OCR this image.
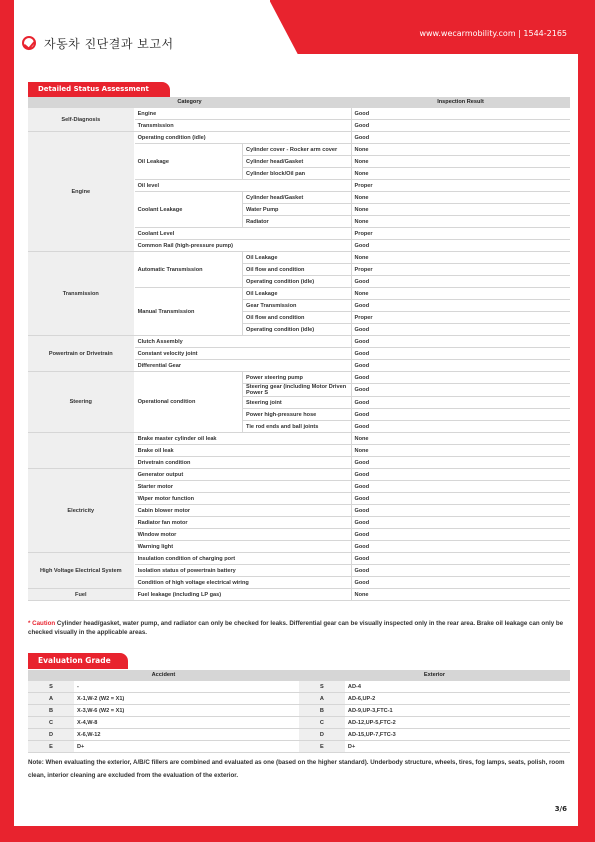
자동차 진단결과 보고서
www.wecarmobility.com | 1544-2165
Detailed Status Assessment
Category			Inspection Result
Self-Diagnosis	Engine		Good
	Transmission		Good
Engine	Operating condition (idle)		Good
	Oil Leakage	Cylinder cover - Rocker arm cover	None
		Cylinder head/Gasket	None
		Cylinder block/Oil pan	None
	Oil level		Proper
	Coolant Leakage	Cylinder head/Gasket	None
		Water Pump	None
		Radiator	None
	Coolant Level		Proper
	Common Rail (high-pressure pump)		Good
Transmission	Automatic Transmission	Oil Leakage	None
		Oil flow and condition	Proper
		Operating condition (idle)	Good
	Manual Transmission	Oil Leakage	None
		Gear Transmission	Good
		Oil flow and condition	Proper
		Operating condition (idle)	Good
Powertrain or Drivetrain	Clutch Assembly		Good
	Constant velocity joint		Good
	Differential Gear		Good
Steering	Operational condition	Power steering pump	Good
		Steering gear (including Motor Driven Power S	Good
		Steering joint	Good
		Power high-pressure hose	Good
		Tie rod ends and ball joints	Good
	Brake master cylinder oil leak		None
	Brake oil leak		None
	Drivetrain condition		Good
Electricity	Generator output		Good
	Starter motor		Good
	Wiper motor function		Good
	Cabin blower motor		Good
	Radiator fan motor		Good
	Window motor		Good
	Warning light		Good
High Voltage Electrical System	Insulation condition of charging port		Good
	Isolation status of powertrain battery		Good
	Condition of high voltage electrical wiring		Good
Fuel	Fuel leakage (including LP gas)		None
* Caution Cylinder head/gasket, water pump, and radiator can only be checked for leaks. Differential gear can be visually inspected only in the rear area. Brake oil leakage can only be checked visually in the applicable areas.
Evaluation Grade
Accident		Exterior	
S	-	S	AD-4
A	X-1,W-2 (W2 = X1)	A	AD-6,UP-2
B	X-3,W-6 (W2 = X1)	B	AD-9,UP-3,FTC-1
C	X-4,W-8	C	AD-12,UP-5,FTC-2
D	X-6,W-12	D	AD-15,UP-7,FTC-3
E	D+	E	D+
Note: When evaluating the exterior, A/B/C fillers are combined and evaluated as one (based on the higher standard). Underbody structure, wheels, tires, fog lamps, seats, polish, room clean, interior cleaning are excluded from the evaluation of the exterior.
3/6
